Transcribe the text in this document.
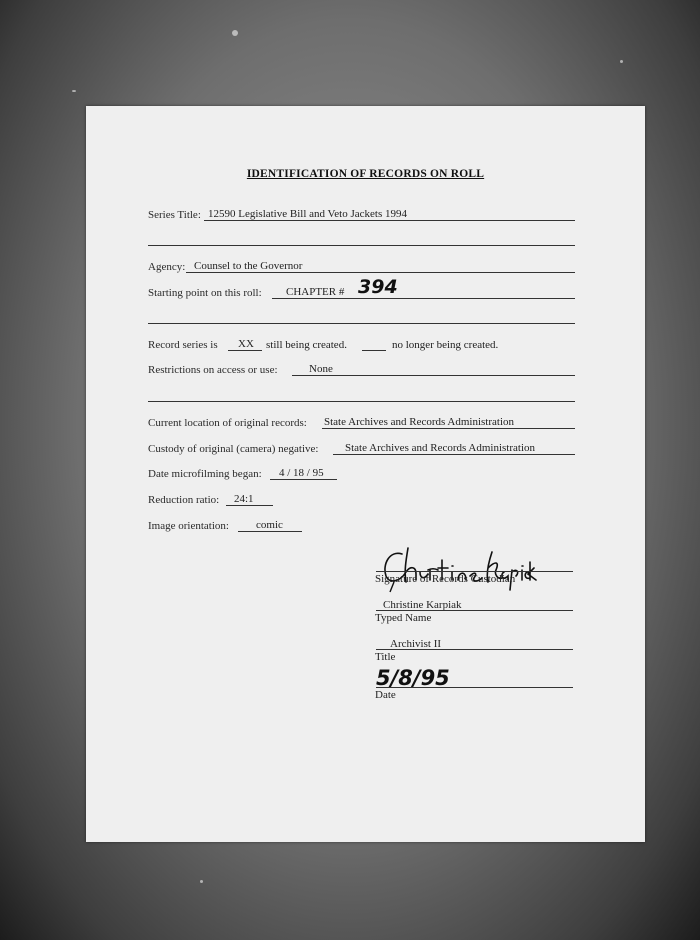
IDENTIFICATION OF RECORDS ON ROLL
Series Title: 12590 Legislative Bill and Veto Jackets 1994
Agency: Counsel to the Governor
Starting point on this roll: CHAPTER # 394
Record series is XX still being created.	no longer being created.
Restrictions on access or use:	None
Current location of original records: State Archives and Records Administration
Custody of original (camera) negative: State Archives and Records Administration
Date microfilming began: 4 / 18 / 95
Reduction ratio: 24:1
Image orientation: comic
Signature of Records Custodian
Christine Karpiak
Typed Name
Archivist II
Title
5/8/95
Date
